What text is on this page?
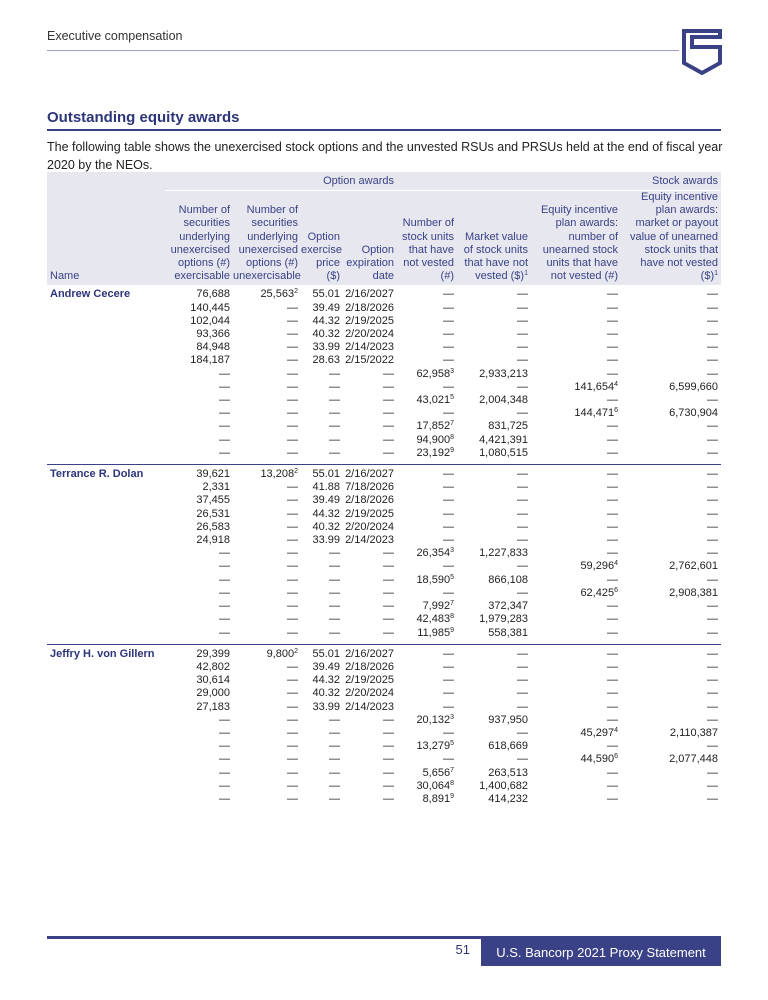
Executive compensation
Outstanding equity awards
The following table shows the unexercised stock options and the unvested RSUs and PRSUs held at the end of fiscal year 2020 by the NEOs.
	Option awards				Stock awards			
Name	Number of securities underlying unexercised options (#) exercisable	Number of securities underlying unexercised options (#) unexercisable	Option exercise price ($)	Option expiration date	Number of stock units that have not vested (#)	Market value of stock units that have not vested ($)$^1$	Equity incentive plan awards: number of unearned stock units that have not vested (#)	Equity incentive plan awards: market or payout value of unearned stock units that have not vested ($)$^1$
Andrew Cecere	76,688	25,563$^2$	55.01	2/16/2027	—	—	—	—
	140,445	—	39.49	2/18/2026	—	—	—	—
	102,044	—	44.32	2/19/2025	—	—	—	—
	93,366	—	40.32	2/20/2024	—	—	—	—
	84,948	—	33.99	2/14/2023	—	—	—	—
	184,187	—	28.63	2/15/2022	—	—	—	—
	—	—	—	—	62,958$^3$	2,933,213	—	—
	—	—	—	—	—	—	141,654$^4$	6,599,660
	—	—	—	—	43,021$^5$	2,004,348	—	—
	—	—	—	—	—	—	144,471$^6$	6,730,904
	—	—	—	—	17,852$^7$	831,725	—	—
	—	—	—	—	94,900$^8$	4,421,391	—	—
	—	—	—	—	23,192$^9$	1,080,515	—	—
Terrance R. Dolan	39,621	13,208$^2$	55.01	2/16/2027	—	—	—	—
	2,331	—	41.88	7/18/2026	—	—	—	—
	37,455	—	39.49	2/18/2026	—	—	—	—
	26,531	—	44.32	2/19/2025	—	—	—	—
	26,583	—	40.32	2/20/2024	—	—	—	—
	24,918	—	33.99	2/14/2023	—	—	—	—
	—	—	—	—	26,354$^3$	1,227,833	—	—
	—	—	—	—	—	—	59,296$^4$	2,762,601
	—	—	—	—	18,590$^5$	866,108	—	—
	—	—	—	—	—	—	62,425$^6$	2,908,381
	—	—	—	—	7,992$^7$	372,347	—	—
	—	—	—	—	42,483$^8$	1,979,283	—	—
	—	—	—	—	11,985$^9$	558,381	—	—
Jeffry H. von Gillern	29,399	9,800$^2$	55.01	2/16/2027	—	—	—	—
	42,802	—	39.49	2/18/2026	—	—	—	—
	30,614	—	44.32	2/19/2025	—	—	—	—
	29,000	—	40.32	2/20/2024	—	—	—	—
	27,183	—	33.99	2/14/2023	—	—	—	—
	—	—	—	—	20,132$^3$	937,950	—	—
	—	—	—	—	—	—	45,297$^4$	2,110,387
	—	—	—	—	13,279$^5$	618,669	—	—
	—	—	—	—	—	—	44,590$^6$	2,077,448
	—	—	—	—	5,656$^7$	263,513	—	—
	—	—	—	—	30,064$^8$	1,400,682	—	—
	—	—	—	—	8,891$^9$	414,232	—	—
51	U.S. Bancorp 2021 Proxy Statement
